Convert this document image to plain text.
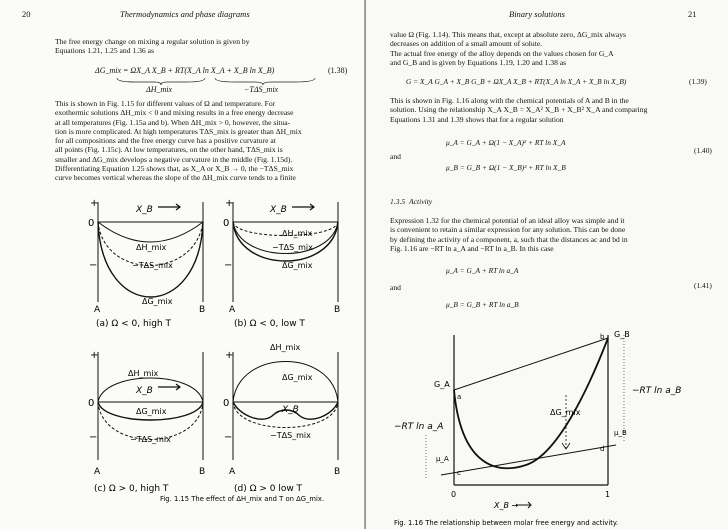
20	Thermodynamics and phase diagrams
The free energy change on mixing a regular solution is given by
Equations 1.21, 1.25 and 1.36 as
ΔG_mix = ΩX_A X_B + RT(X_A ln X_A + X_B ln X_B)	(1.38)
ΔH_mix	−TΔS_mix
This is shown in Fig. 1.15 for different values of Ω and temperature. For
exothermic solutions ΔH_mix < 0 and mixing results in a free energy decrease
at all temperatures (Fig. 1.15a and b). When ΔH_mix > 0, however, the situa-
tion is more complicated. At high temperatures TΔS_mix is greater than ΔH_mix
for all compositions and the free energy curve has a positive curvature at
all points (Fig. 1.15c). At low temperatures, on the other hand, TΔS_mix is
smaller and ΔG_mix develops a negative curvature in the middle (Fig. 1.15d).
Differentiating Equation 1.25 shows that, as X_A or X_B → 0, the −TΔS_mix
curve becomes vertical whereas the slope of the ΔH_mix curve tends to a finite
+
0
−
X_B
ΔH_mix
−TΔS_mix
ΔG_mix
A	B
(a) Ω < 0, high T
+
0
−
X_B
ΔH_mix
−TΔS_mix
ΔG_mix
A	B
(b) Ω < 0, low T
+
0
−
ΔH_mix
X_B
ΔG_mix
−TΔS_mix
A	B
(c) Ω > 0, high T
+
0
−
ΔH_mix
ΔG_mix
X_B
−TΔS_mix
A	B
(d) Ω > 0 low T
Fig. 1.15 The effect of ΔH_mix and T on ΔG_mix.
Binary solutions	21
value Ω (Fig. 1.14). This means that, except at absolute zero, ΔG_mix always
decreases on addition of a small amount of solute.
The actual free energy of the alloy depends on the values chosen for G_A
and G_B and is given by Equations 1.19, 1.20 and 1.38 as
G = X_A G_A + X_B G_B + ΩX_A X_B + RT(X_A ln X_A + X_B ln X_B)	(1.39)
This is shown in Fig. 1.16 along with the chemical potentials of A and B in the
solution. Using the relationship X_A X_B = X_A² X_B + X_B² X_A and comparing
Equations 1.31 and 1.39 shows that for a regular solution
μ_A = G_A + Ω(1 − X_A)² + RT ln X_A
and
(1.40)
μ_B = G_B + Ω(1 − X_B)² + RT ln X_B
1.3.5 Activity
Expression 1.32 for the chemical potential of an ideal alloy was simple and it
is convenient to retain a similar expression for any solution. This can be done
by defining the activity of a component, a, such that the distances ac and bd in
Fig. 1.16 are −RT ln a_A and −RT ln a_B. In this case
μ_A = G_A + RT ln a_A
and	(1.41)
μ_B = G_B + RT ln a_B
G_A
G_B
a
b
c
d
−RT ln a_A
−RT ln a_B
ΔG_mix
μ_A
μ_B
0	1
X_B →
Fig. 1.16 The relationship between molar free energy and activity.
